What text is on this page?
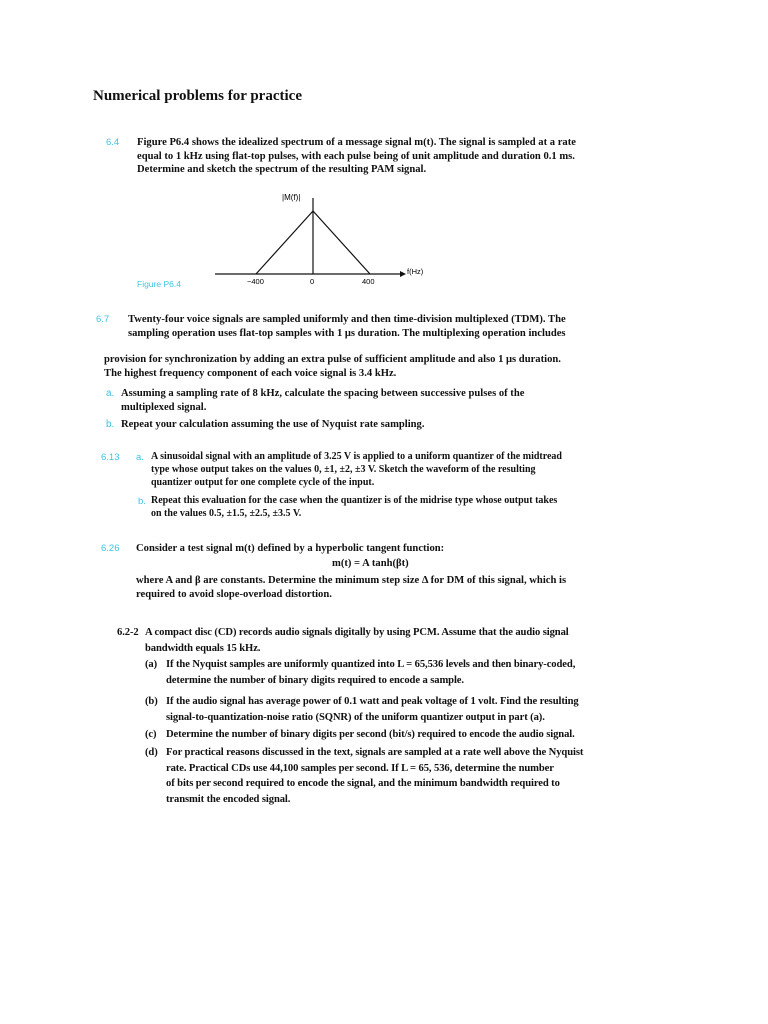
Numerical problems for practice
6.4 Figure P6.4 shows the idealized spectrum of a message signal m(t). The signal is sampled at a rate
equal to 1 kHz using flat-top pulses, with each pulse being of unit amplitude and duration 0.1 ms.
Determine and sketch the spectrum of the resulting PAM signal.
|M(f)|
f(Hz)
−400	0	400
Figure P6.4
6.7 Twenty-four voice signals are sampled uniformly and then time-division multiplexed (TDM). The
sampling operation uses flat-top samples with 1 μs duration. The multiplexing operation includes
provision for synchronization by adding an extra pulse of sufficient amplitude and also 1 μs duration.
The highest frequency component of each voice signal is 3.4 kHz.
a. Assuming a sampling rate of 8 kHz, calculate the spacing between successive pulses of the
multiplexed signal.
b. Repeat your calculation assuming the use of Nyquist rate sampling.
6.13 a. A sinusoidal signal with an amplitude of 3.25 V is applied to a uniform quantizer of the midtread
type whose output takes on the values 0, ±1, ±2, ±3 V. Sketch the waveform of the resulting
quantizer output for one complete cycle of the input.
b. Repeat this evaluation for the case when the quantizer is of the midrise type whose output takes
on the values 0.5, ±1.5, ±2.5, ±3.5 V.
6.26 Consider a test signal m(t) defined by a hyperbolic tangent function:
m(t) = A tanh(βt)
where A and β are constants. Determine the minimum step size Δ for DM of this signal, which is
required to avoid slope-overload distortion.
6.2-2 A compact disc (CD) records audio signals digitally by using PCM. Assume that the audio signal
bandwidth equals 15 kHz.
(a) If the Nyquist samples are uniformly quantized into L = 65,536 levels and then binary-coded,
determine the number of binary digits required to encode a sample.
(b) If the audio signal has average power of 0.1 watt and peak voltage of 1 volt. Find the resulting
signal-to-quantization-noise ratio (SQNR) of the uniform quantizer output in part (a).
(c) Determine the number of binary digits per second (bit/s) required to encode the audio signal.
(d) For practical reasons discussed in the text, signals are sampled at a rate well above the Nyquist
rate. Practical CDs use 44,100 samples per second. If L = 65, 536, determine the number
of bits per second required to encode the signal, and the minimum bandwidth required to
transmit the encoded signal.
